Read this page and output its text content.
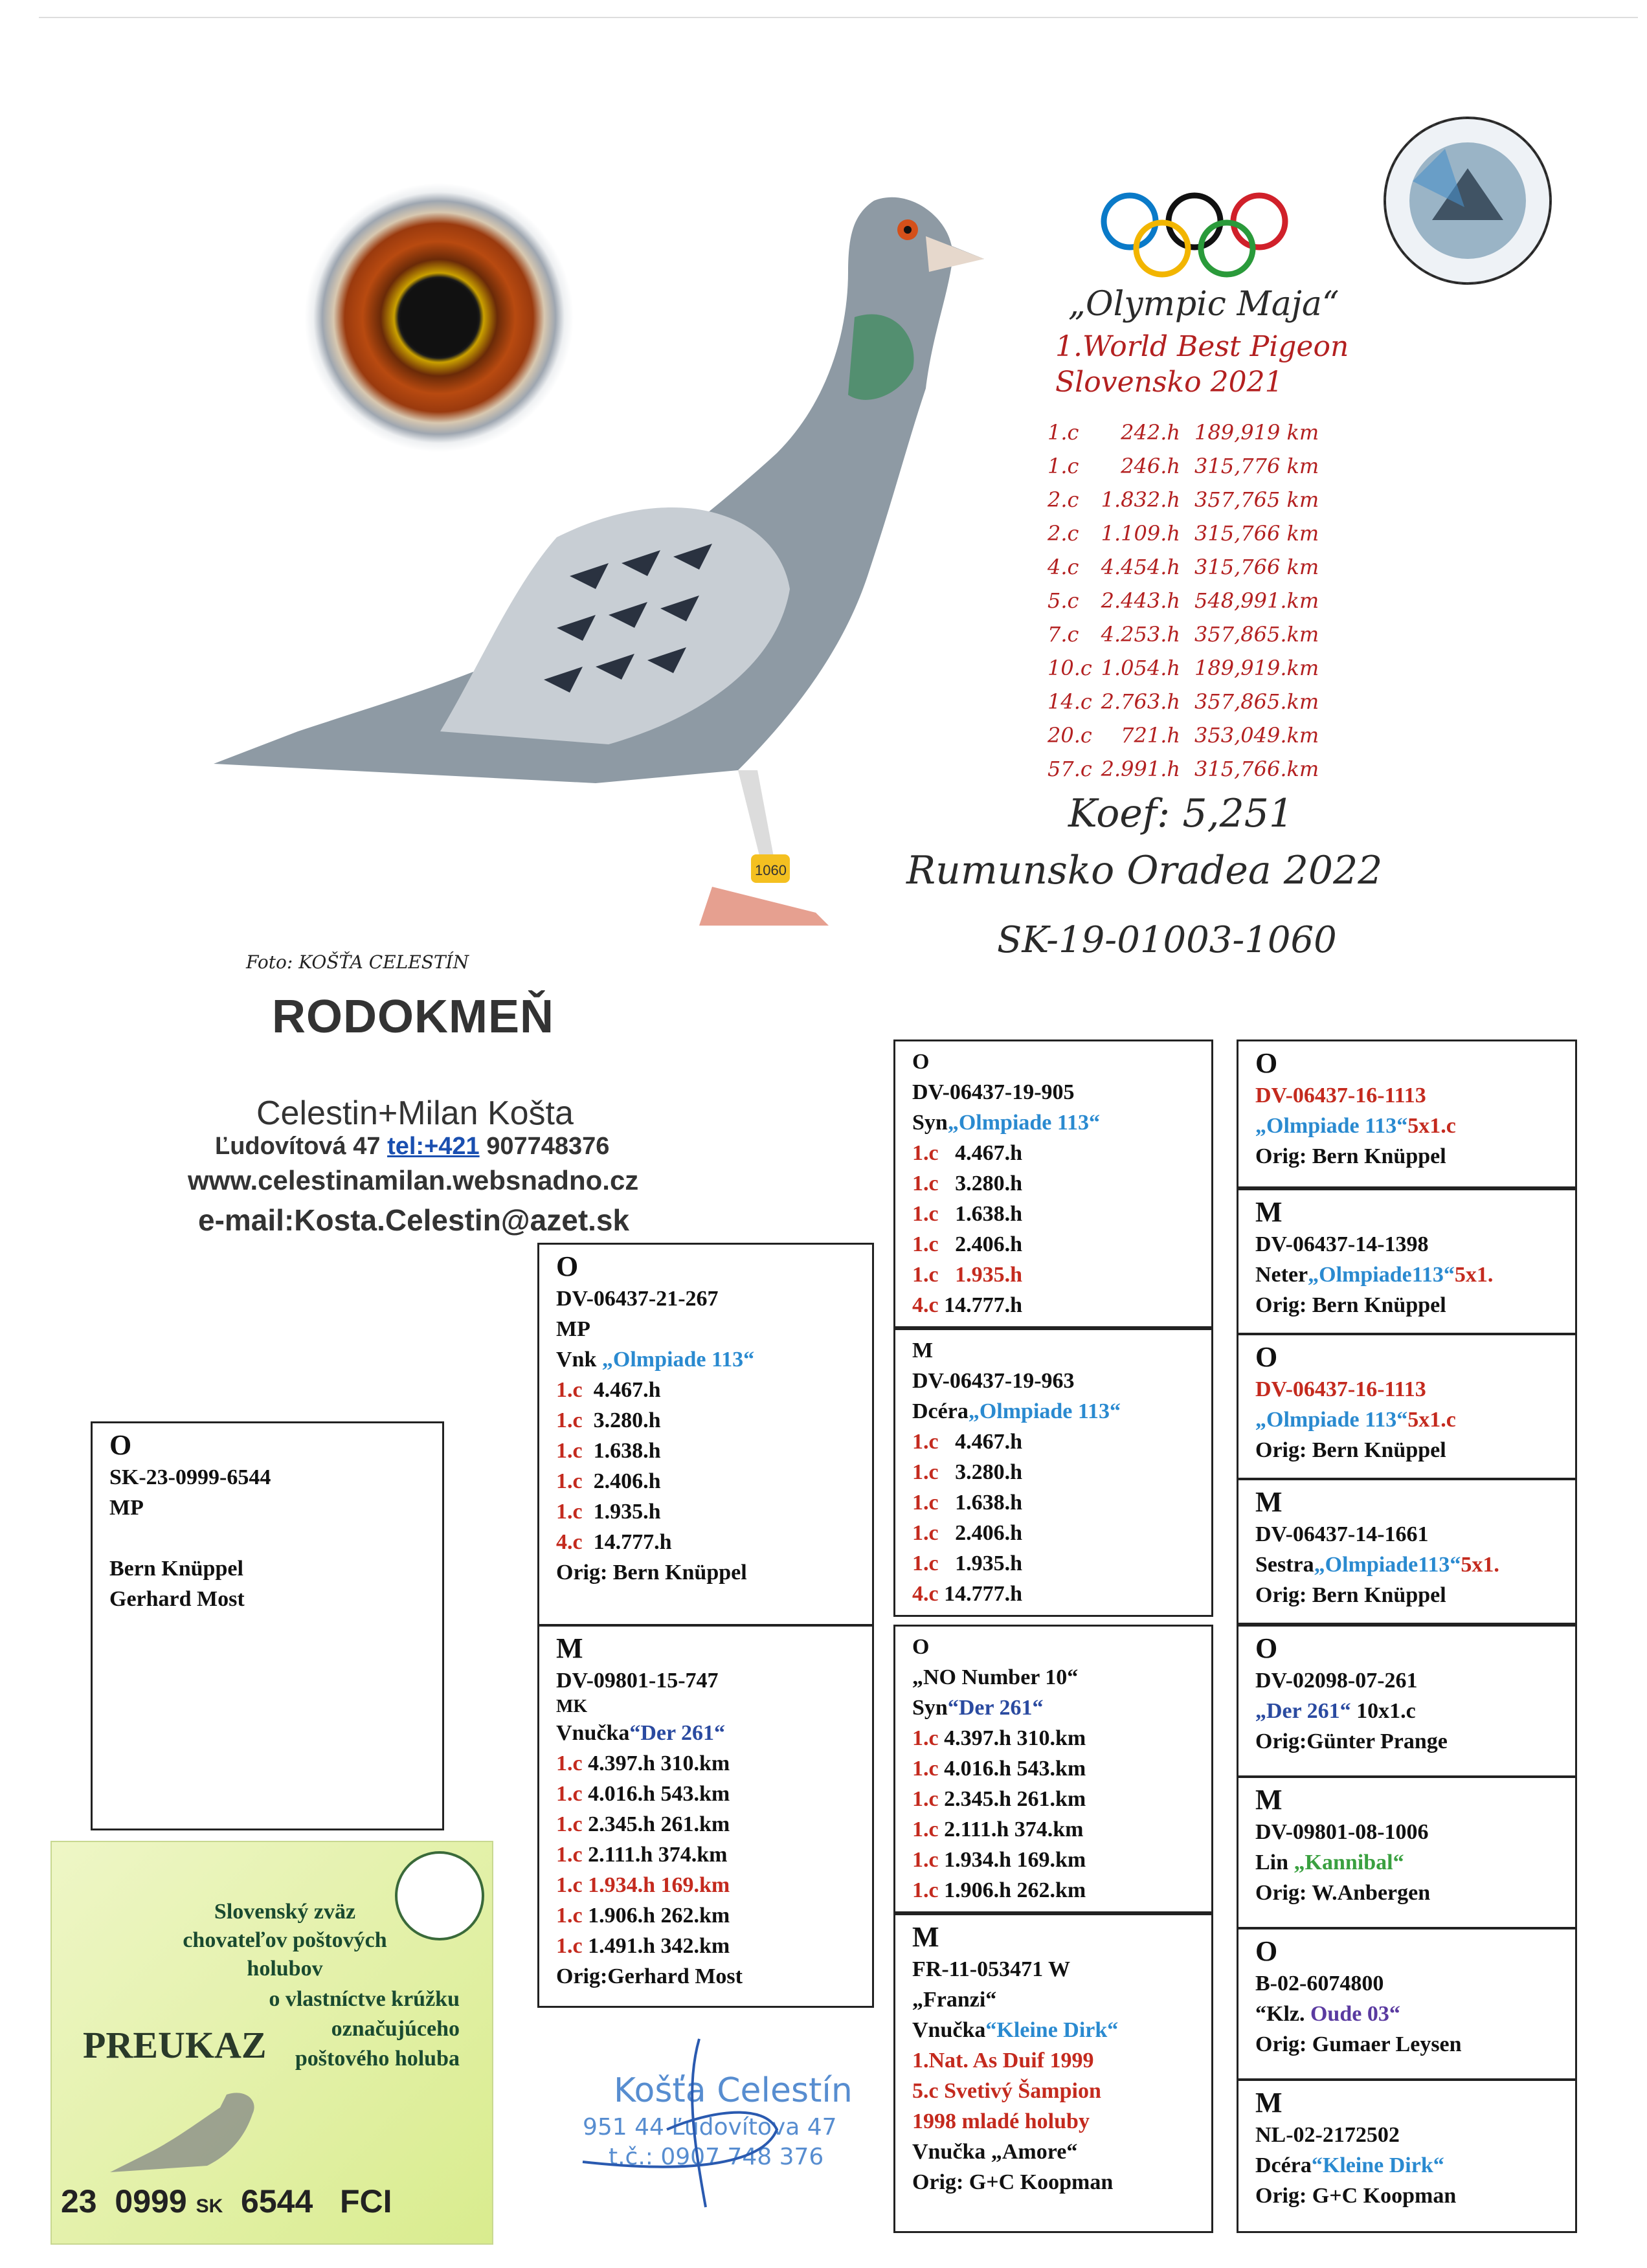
1060
„Olympic Maja“
1.World Best Pigeon
Slovensko 2021
1.c 242.h 189,919 km
1.c 246.h 315,776 km
2.c 1.832.h 357,765 km
2.c 1.109.h 315,766 km
4.c 4.454.h 315,766 km
5.c 2.443.h 548,991.km
7.c 4.253.h 357,865.km
10.c 1.054.h 189,919.km
14.c 2.763.h 357,865.km
20.c 721.h 353,049.km
57.c 2.991.h 315,766.km
Koef: 5,251
Rumunsko Oradea 2022
SK-19-01003-1060
Foto: KOŠŤA CELESTÍN
RODOKMEŇ
Celestin+Milan Košta
Ľudovítová 47 tel:+421 907748376
www.celestinamilan.websnadno.cz
e-mail:Kosta.Celestin@azet.sk
O
SK-23-0999-6544
MP
Bern Knüppel
Gerhard Most
O
DV-06437-21-267
MP
Vnk „Olmpiade 113“
1.c 4.467.h
1.c 3.280.h
1.c 1.638.h
1.c 2.406.h
1.c 1.935.h
4.c 14.777.h
Orig: Bern Knüppel
M
DV-09801-15-747
MK
Vnučka“Der 261“
1.c 4.397.h 310.km
1.c 4.016.h 543.km
1.c 2.345.h 261.km
1.c 2.111.h 374.km
1.c 1.934.h 169.km
1.c 1.906.h 262.km
1.c 1.491.h 342.km
Orig:Gerhard Most
O
DV-06437-19-905
Syn„Olmpiade 113“
1.c 4.467.h
1.c 3.280.h
1.c 1.638.h
1.c 2.406.h
1.c 1.935.h
4.c 14.777.h
M
DV-06437-19-963
Dcéra„Olmpiade 113“
1.c 4.467.h
1.c 3.280.h
1.c 1.638.h
1.c 2.406.h
1.c 1.935.h
4.c 14.777.h
O
„NO Number 10“
Syn“Der 261“
1.c 4.397.h 310.km
1.c 4.016.h 543.km
1.c 2.345.h 261.km
1.c 2.111.h 374.km
1.c 1.934.h 169.km
1.c 1.906.h 262.km
M
FR-11-053471 W
„Franzi“
Vnučka“Kleine Dirk“
1.Nat. As Duif 1999
5.c Svetivý Šampion
1998 mladé holuby
Vnučka „Amore“
Orig: G+C Koopman
O
DV-06437-16-1113
„Olmpiade 113“5x1.c
Orig: Bern Knüppel
M
DV-06437-14-1398
Neter„Olmpiade113“5x1.
Orig: Bern Knüppel
O
DV-06437-16-1113
„Olmpiade 113“5x1.c
Orig: Bern Knüppel
M
DV-06437-14-1661
Sestra„Olmpiade113“5x1.
Orig: Bern Knüppel
O
DV-02098-07-261
„Der 261“ 10x1.c
Orig:Günter Prange
M
DV-09801-08-1006
Lin „Kannibal“
Orig: W.Anbergen
O
B-02-6074800
“Klz. Oude 03“
Orig: Gumaer Leysen
M
NL-02-2172502
Dcéra“Kleine Dirk“
Orig: G+C Koopman
Slovenský zväz
chovateľov poštových holubov
PREUKAZ
o vlastníctve krúžku
označujúceho
poštového holuba
23 0999 SK 6544 FCI
Košťa Celestín
951 44 Ľudovítova 47
t.č.: 0907 748 376
